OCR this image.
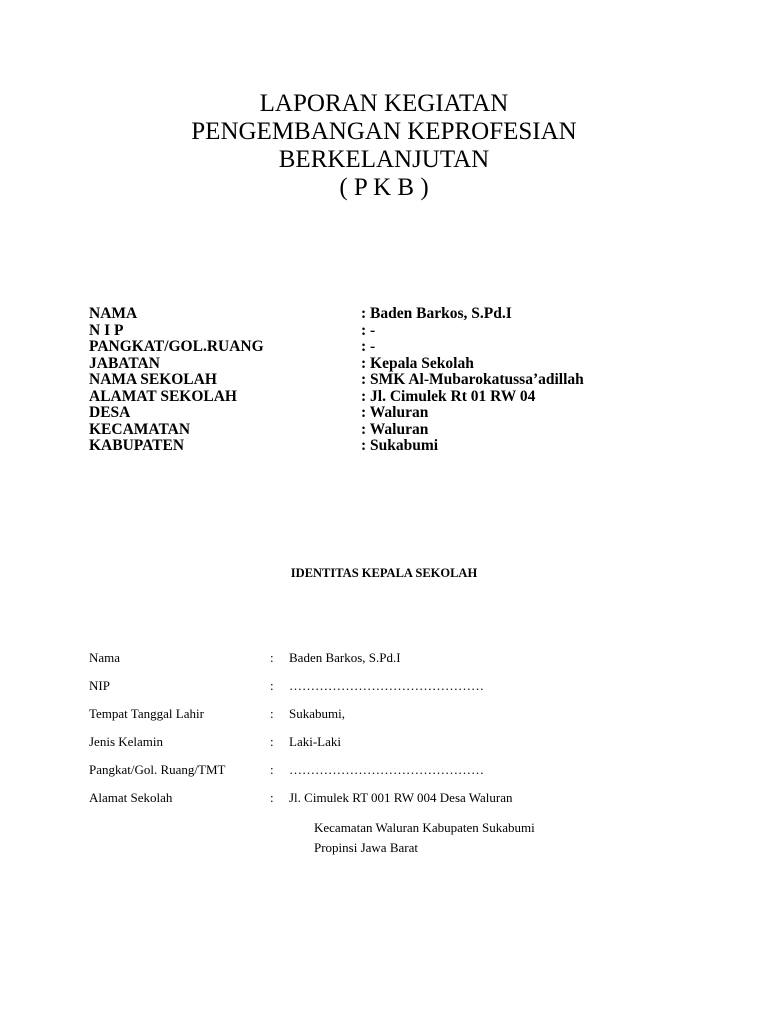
LAPORAN KEGIATAN
PENGEMBANGAN KEPROFESIAN
BERKELANJUTAN
( P K B )
NAMA	: Baden Barkos, S.Pd.I
N I P	: -
PANGKAT/GOL.RUANG	: -
JABATAN	: Kepala Sekolah
NAMA SEKOLAH	: SMK Al-Mubarokatussa’adillah
ALAMAT SEKOLAH	: Jl. Cimulek Rt 01 RW 04
DESA	: Waluran
KECAMATAN	: Waluran
KABUPATEN	: Sukabumi
IDENTITAS KEPALA SEKOLAH
Nama	: Baden Barkos, S.Pd.I
NIP	: ………………………………………
Tempat Tanggal Lahir	: Sukabumi,
Jenis Kelamin	: Laki-Laki
Pangkat/Gol. Ruang/TMT	: ………………………………………
Alamat Sekolah	: Jl. Cimulek RT 001 RW 004 Desa Waluran
Kecamatan Waluran Kabupaten Sukabumi
Propinsi Jawa Barat
